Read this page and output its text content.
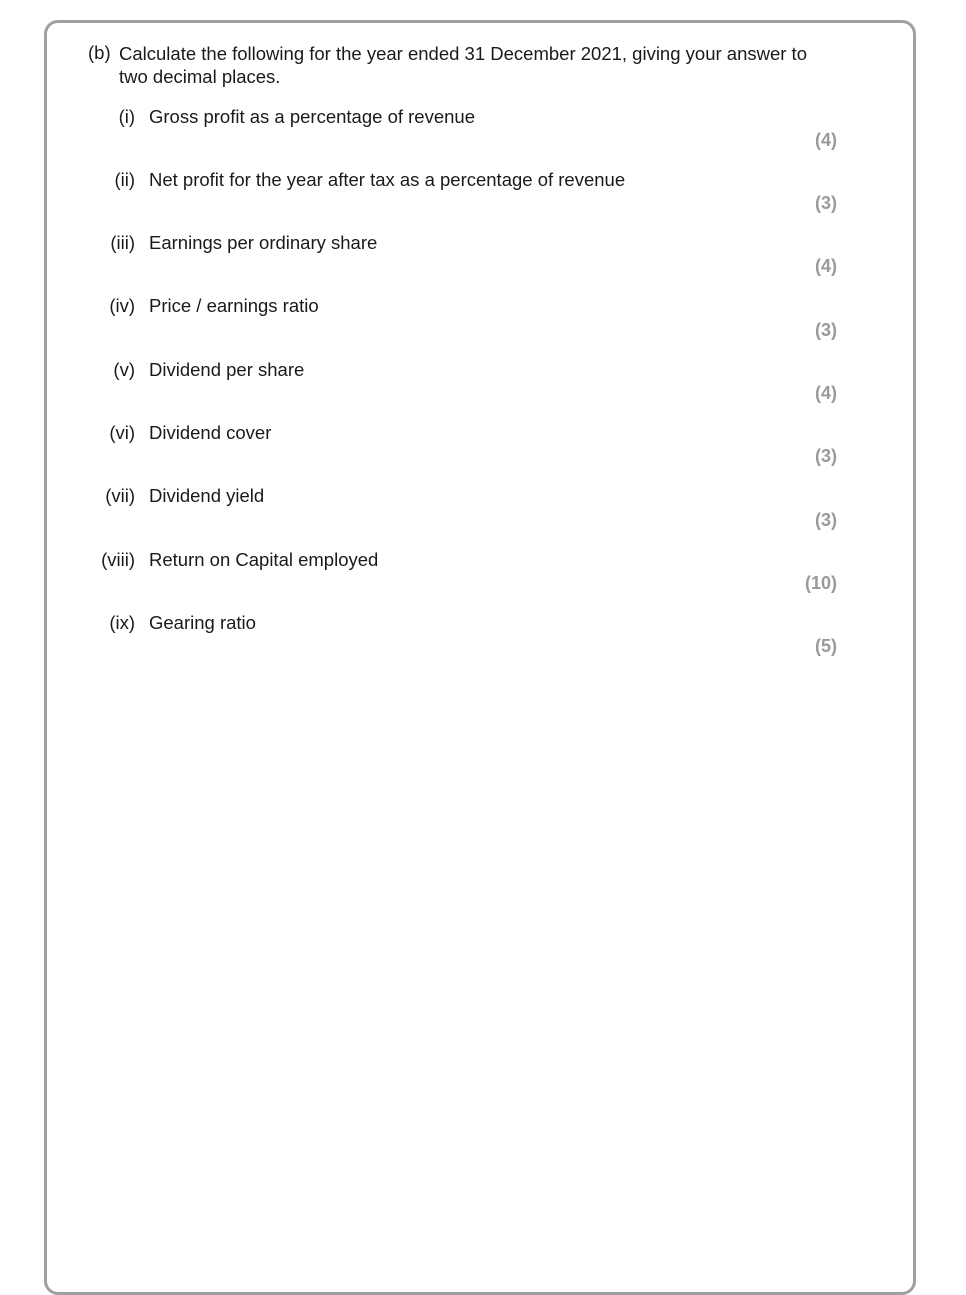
(b) Calculate the following for the year ended 31 December 2021, giving your answer to two decimal places.
(i) Gross profit as a percentage of revenue
(4)
(ii) Net profit for the year after tax as a percentage of revenue
(3)
(iii) Earnings per ordinary share
(4)
(iv) Price / earnings ratio
(3)
(v) Dividend per share
(4)
(vi) Dividend cover
(3)
(vii) Dividend yield
(3)
(viii) Return on Capital employed
(10)
(ix) Gearing ratio
(5)
